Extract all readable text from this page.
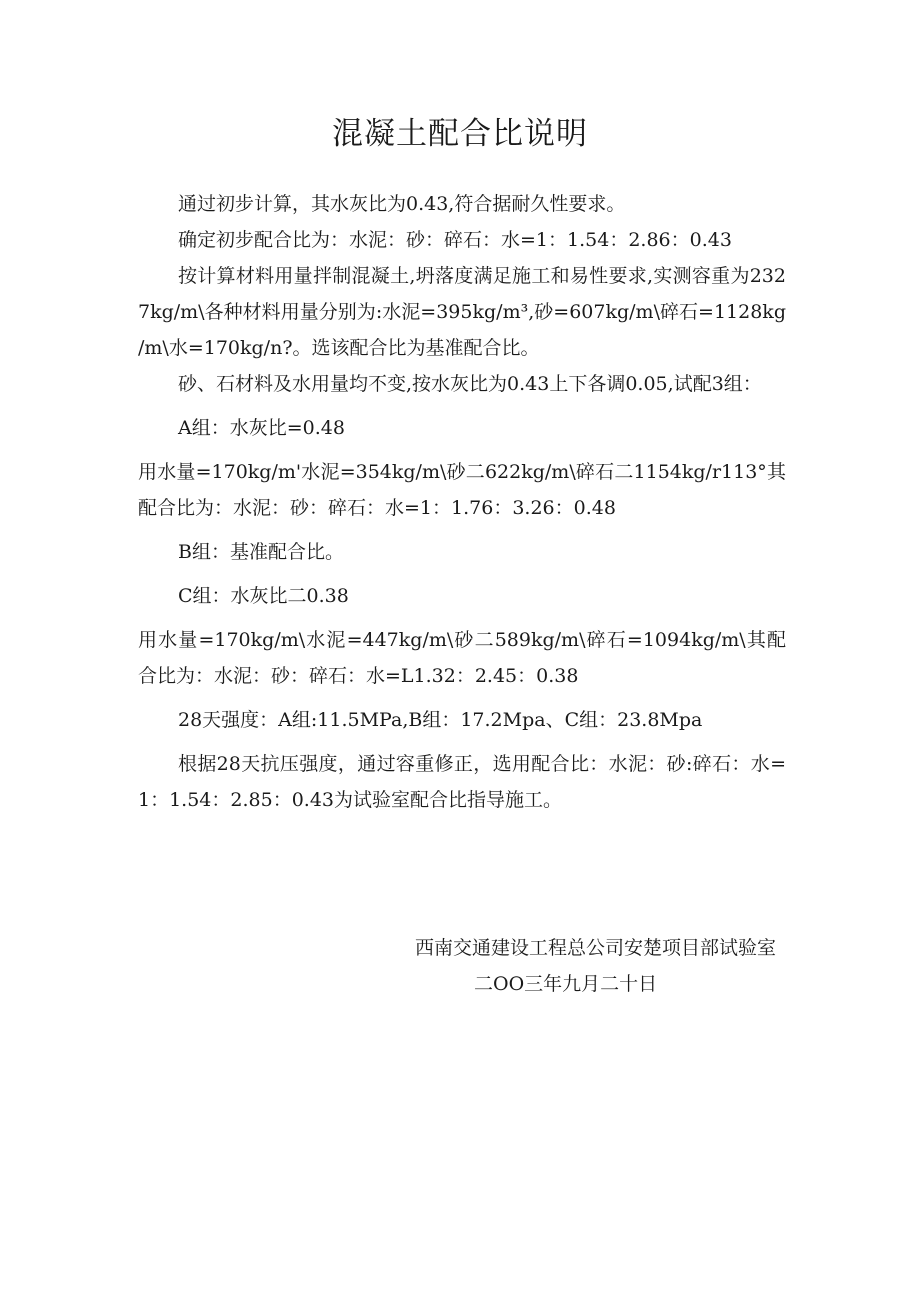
混凝土配合比说明

通过初步计算，其水灰比为0.43,符合据耐久性要求。

确定初步配合比为：水泥：砂：碎石：水=1：1.54：2.86：0.43

按计算材料用量拌制混凝土,坍落度满足施工和易性要求,实测容重为2327kg∕m\各种材料用量分别为:水泥=395kg∕m³,砂=607kg∕m\碎石=1128kg∕m\水=170kg∕n?。选该配合比为基准配合比。

砂、石材料及水用量均不变,按水灰比为0.43上下各调0.05,试配3组：

A组：水灰比=0.48

用水量=170kg∕m'水泥=354kg∕m\砂二622kg∕m\碎石二1154kg∕r113°其配合比为：水泥：砂：碎石：水=1：1.76：3.26：0.48

B组：基准配合比。

C组：水灰比二0.38

用水量=170kg∕m\水泥=447kg∕m\砂二589kg∕m\碎石=1094kg∕m\其配合比为：水泥：砂：碎石：水=L1.32：2.45：0.38

28天强度：A组:11.5MPa,B组：17.2Mpa、C组：23.8Mpa

根据28天抗压强度，通过容重修正，选用配合比：水泥：砂:碎石：水=1：1.54：2.85：0.43为试验室配合比指导施工。

西南交通建设工程总公司安楚项目部试验室
二OO三年九月二十日
